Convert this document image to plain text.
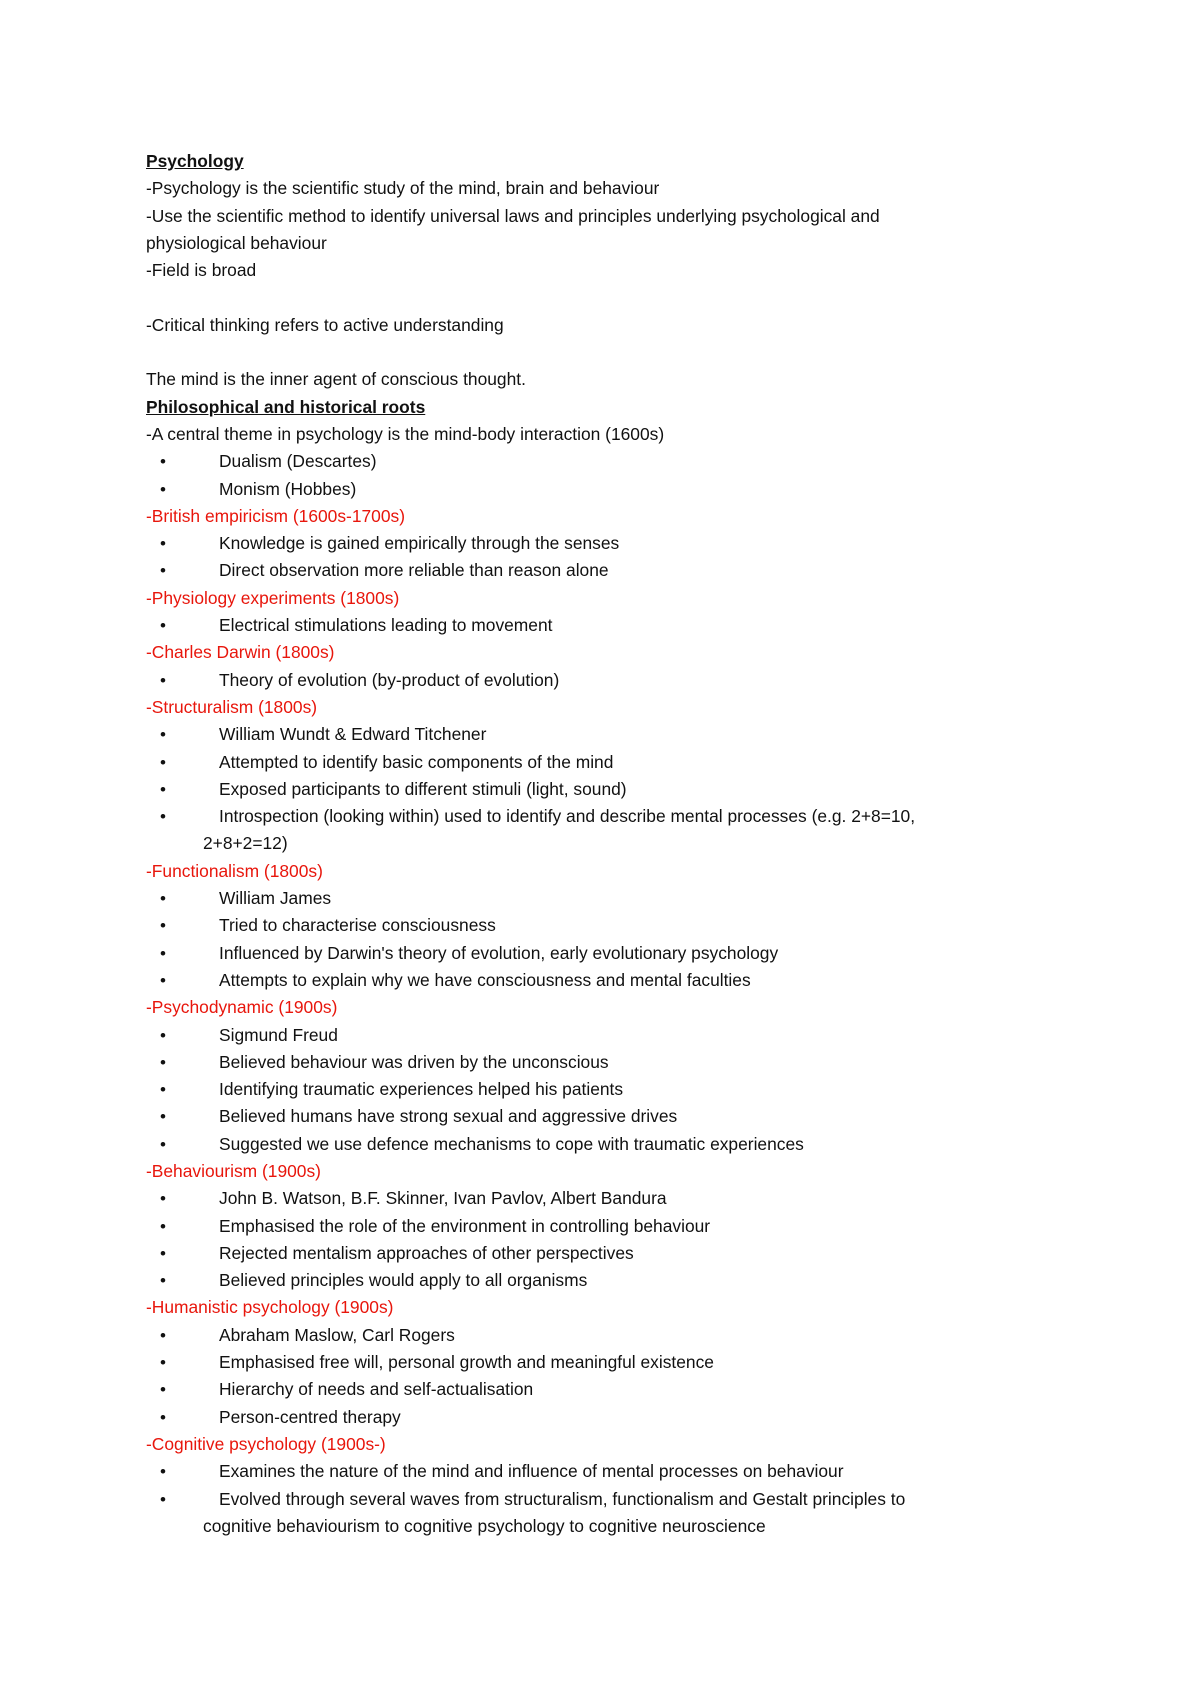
Psychology
-Psychology is the scientific study of the mind, brain and behaviour
-Use the scientific method to identify universal laws and principles underlying psychological and
physiological behaviour
-Field is broad
-Critical thinking refers to active understanding
The mind is the inner agent of conscious thought.
Philosophical and historical roots
-A central theme in psychology is the mind-body interaction (1600s)
•	Dualism (Descartes)
•	Monism (Hobbes)
-British empiricism (1600s-1700s)
•	Knowledge is gained empirically through the senses
•	Direct observation more reliable than reason alone
-Physiology experiments (1800s)
•	Electrical stimulations leading to movement
-Charles Darwin (1800s)
•	Theory of evolution (by-product of evolution)
-Structuralism (1800s)
•	William Wundt & Edward Titchener
•	Attempted to identify basic components of the mind
•	Exposed participants to different stimuli (light, sound)
•	Introspection (looking within) used to identify and describe mental processes (e.g. 2+8=10,
2+8+2=12)
-Functionalism (1800s)
•	William James
•	Tried to characterise consciousness
•	Influenced by Darwin's theory of evolution, early evolutionary psychology
•	Attempts to explain why we have consciousness and mental faculties
-Psychodynamic (1900s)
•	Sigmund Freud
•	Believed behaviour was driven by the unconscious
•	Identifying traumatic experiences helped his patients
•	Believed humans have strong sexual and aggressive drives
•	Suggested we use defence mechanisms to cope with traumatic experiences
-Behaviourism (1900s)
•	John B. Watson, B.F. Skinner, Ivan Pavlov, Albert Bandura
•	Emphasised the role of the environment in controlling behaviour
•	Rejected mentalism approaches of other perspectives
•	Believed principles would apply to all organisms
-Humanistic psychology (1900s)
•	Abraham Maslow, Carl Rogers
•	Emphasised free will, personal growth and meaningful existence
•	Hierarchy of needs and self-actualisation
•	Person-centred therapy
-Cognitive psychology (1900s-)
•	Examines the nature of the mind and influence of mental processes on behaviour
•	Evolved through several waves from structuralism, functionalism and Gestalt principles to
cognitive behaviourism to cognitive psychology to cognitive neuroscience
